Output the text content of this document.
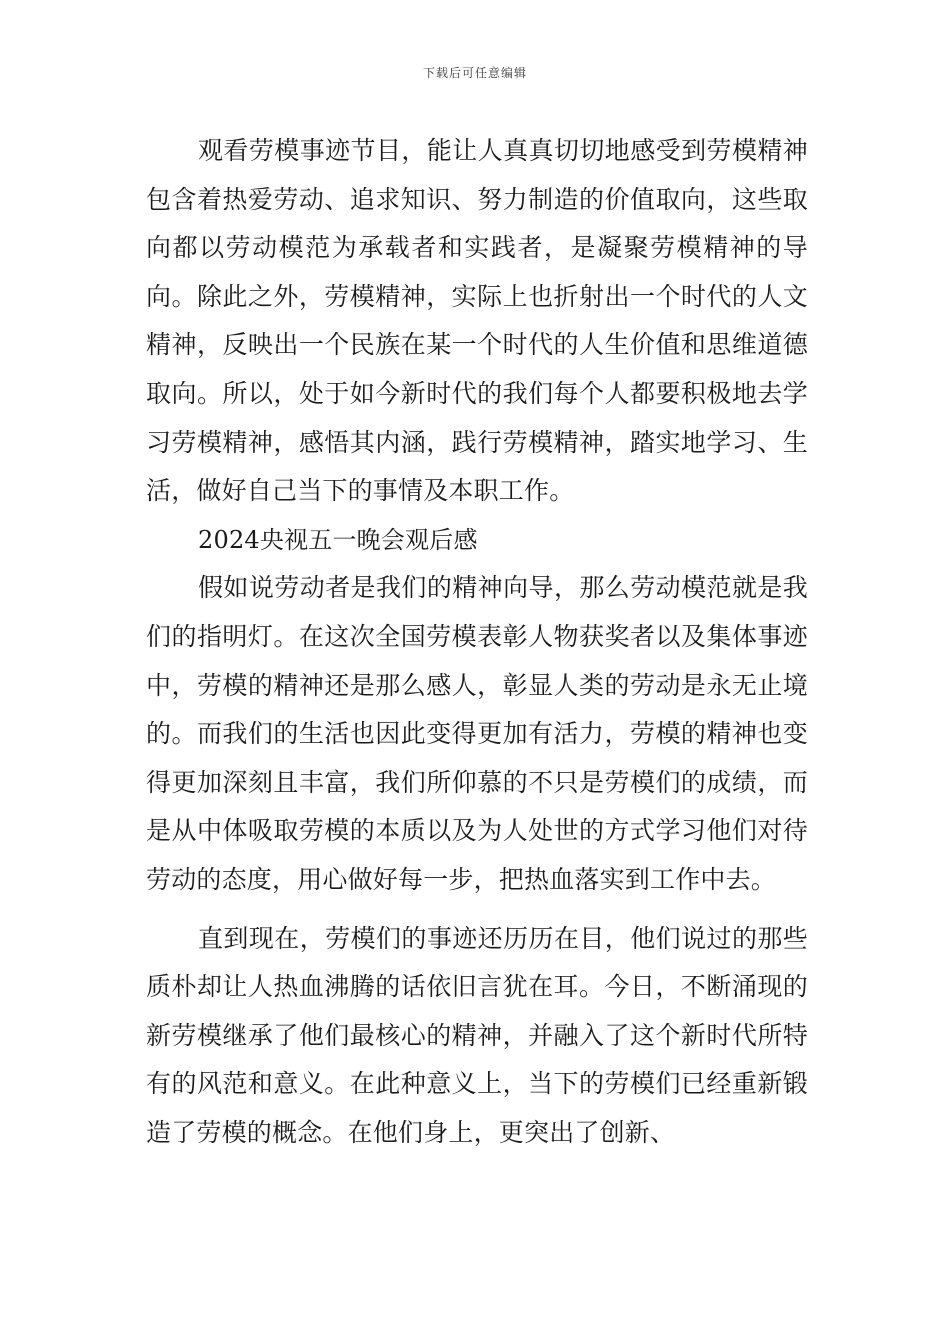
下载后可任意编辑

观看劳模事迹节目，能让人真真切切地感受到劳模精神包含着热爱劳动、追求知识、努力制造的价值取向，这些取向都以劳动模范为承载者和实践者，是凝聚劳模精神的导向。除此之外，劳模精神，实际上也折射出一个时代的人文精神，反映出一个民族在某一个时代的人生价值和思维道德取向。所以，处于如今新时代的我们每个人都要积极地去学习劳模精神，感悟其内涵，践行劳模精神，踏实地学习、生活，做好自己当下的事情及本职工作。

2024央视五一晚会观后感

假如说劳动者是我们的精神向导，那么劳动模范就是我们的指明灯。在这次全国劳模表彰人物获奖者以及集体事迹中，劳模的精神还是那么感人，彰显人类的劳动是永无止境的。而我们的生活也因此变得更加有活力，劳模的精神也变得更加深刻且丰富，我们所仰慕的不只是劳模们的成绩，而是从中体吸取劳模的本质以及为人处世的方式学习他们对待劳动的态度，用心做好每一步，把热血落实到工作中去。

直到现在，劳模们的事迹还历历在目，他们说过的那些质朴却让人热血沸腾的话依旧言犹在耳。今日，不断涌现的新劳模继承了他们最核心的精神，并融入了这个新时代所特有的风范和意义。在此种意义上，当下的劳模们已经重新锻造了劳模的概念。在他们身上，更突出了创新、
